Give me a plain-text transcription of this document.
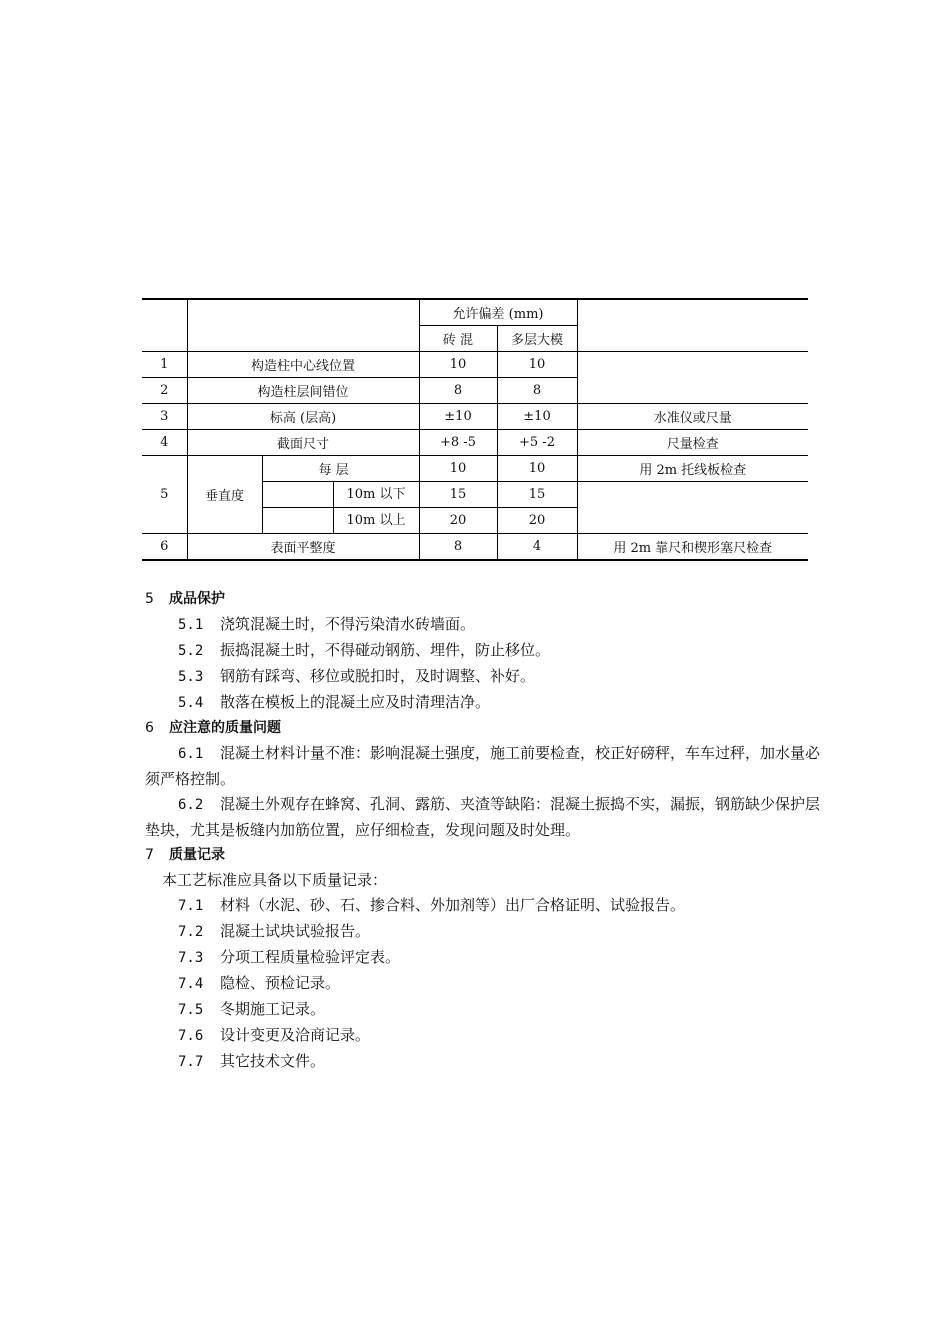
			允许偏差 (mm)		
			砖 混	多层大模	
1	构造柱中心线位置		10	10	
2	构造柱层间错位		8	8	
3	标高 (层高)		±10	±10	水准仪或尺量
4	截面尺寸		+8 -5	+5 -2	尺量检查
5	垂直度	每 层	10	10	用 2m 托线板检查

		10m 以下	15	15	

		10m 以上	20	20	
6	表面平整度		8	4	用 2m 靠尺和楔形塞尺检查

5 成品保护

5.1 浇筑混凝土时，不得污染清水砖墙面。

5.2 振捣混凝土时，不得碰动钢筋、埋件，防止移位。

5.3 钢筋有踩弯、移位或脱扣时，及时调整、补好。

5.4 散落在模板上的混凝土应及时清理洁净。

6 应注意的质量问题

6.1 混凝土材料计量不准：影响混凝土强度，施工前要检查，校正好磅秤，车车过秤，加水量必须严格控制。

6.2 混凝土外观存在蜂窝、孔洞、露筋、夹渣等缺陷：混凝土振捣不实，漏振，钢筋缺少保护层垫块，尤其是板缝内加筋位置，应仔细检查，发现问题及时处理。

7 质量记录

本工艺标准应具备以下质量记录：

7.1 材料（水泥、砂、石、掺合料、外加剂等）出厂合格证明、试验报告。

7.2 混凝土试块试验报告。

7.3 分项工程质量检验评定表。

7.4 隐检、预检记录。

7.5 冬期施工记录。

7.6 设计变更及洽商记录。

7.7 其它技术文件。
